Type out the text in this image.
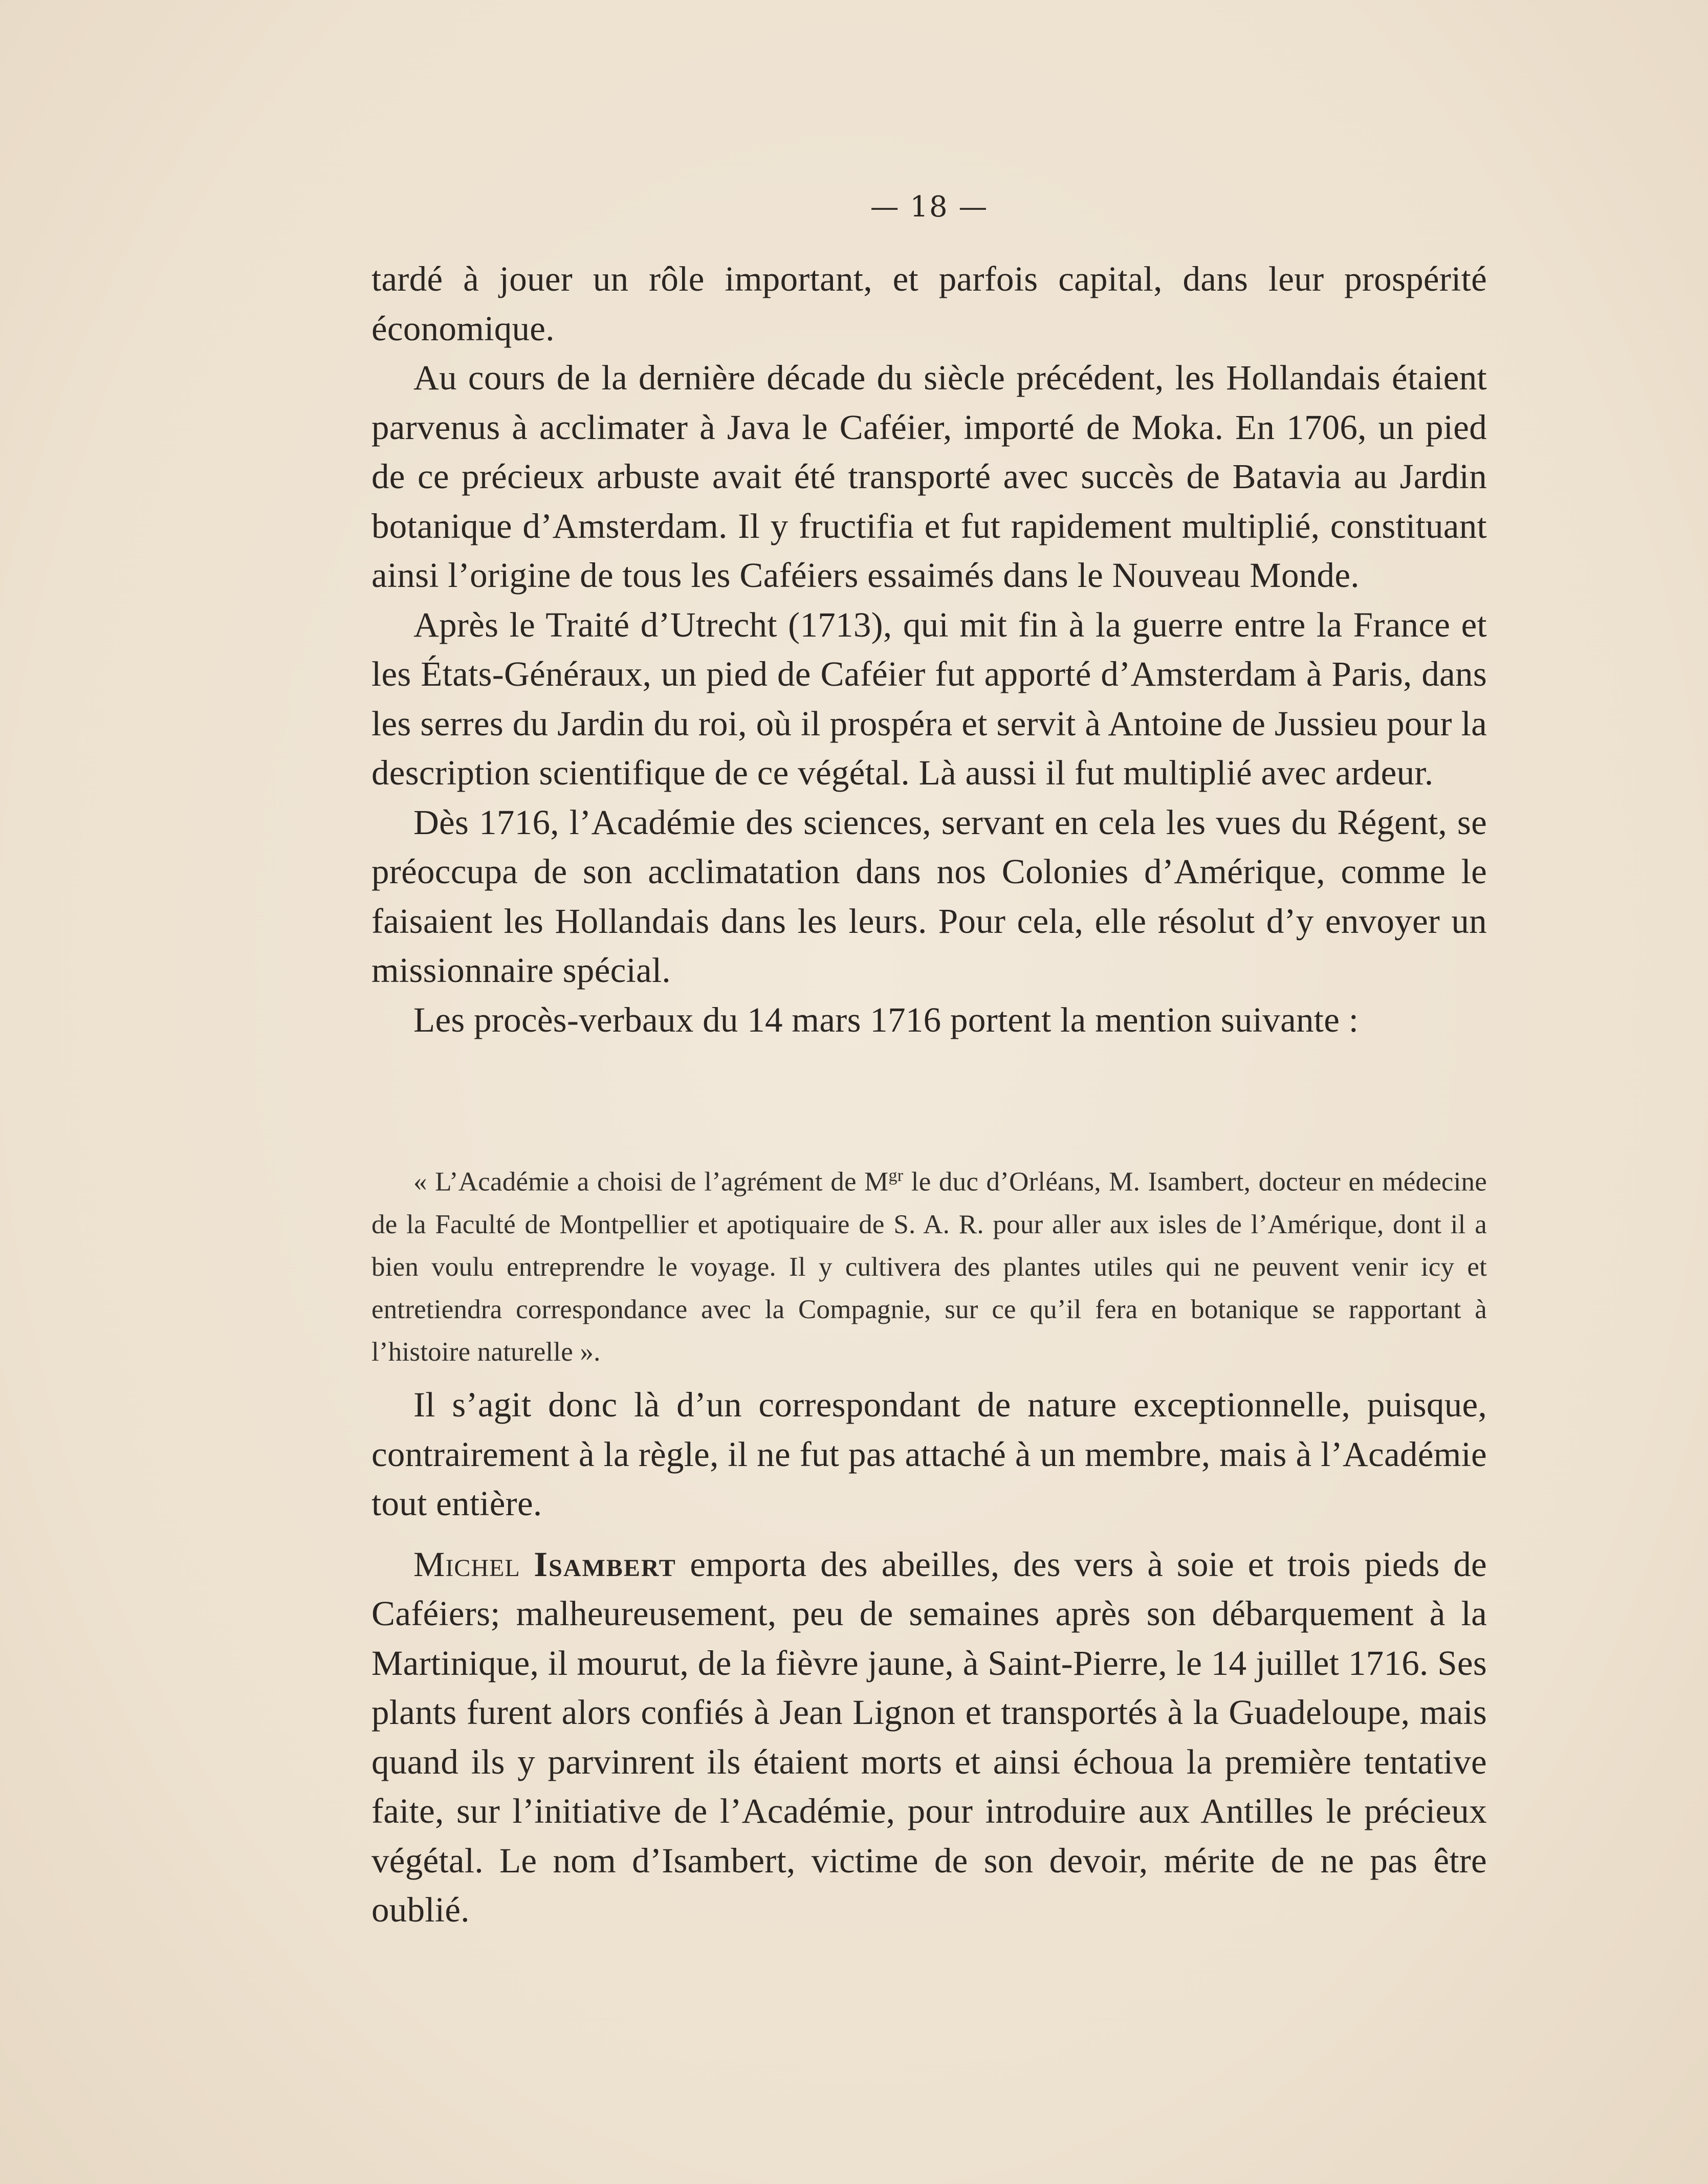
— 18 —

tardé à jouer un rôle important, et parfois capital, dans leur prospérité économique.

Au cours de la dernière décade du siècle précédent, les Hollandais étaient parvenus à acclimater à Java le Caféier, importé de Moka. En 1706, un pied de ce précieux arbuste avait été transporté avec succès de Batavia au Jardin botanique d’Amsterdam. Il y fructifia et fut rapidement multiplié, constituant ainsi l’origine de tous les Caféiers essaimés dans le Nouveau Monde.

Après le Traité d’Utrecht (1713), qui mit fin à la guerre entre la France et les États-Généraux, un pied de Caféier fut apporté d’Amsterdam à Paris, dans les serres du Jardin du roi, où il prospéra et servit à Antoine de Jussieu pour la description scientifique de ce végétal. Là aussi il fut multiplié avec ardeur.

Dès 1716, l’Académie des sciences, servant en cela les vues du Régent, se préoccupa de son acclimatation dans nos Colonies d’Amérique, comme le faisaient les Hollandais dans les leurs. Pour cela, elle résolut d’y envoyer un missionnaire spécial.

Les procès-verbaux du 14 mars 1716 portent la mention suivante :

« L’Académie a choisi de l’agrément de $M^{gr}$ le duc d’Orléans, M. Isambert, docteur en médecine de la Faculté de Montpellier et apotiquaire de S. A. R. pour aller aux isles de l’Amérique, dont il a bien voulu entreprendre le voyage. Il y cultivera des plantes utiles qui ne peuvent venir icy et entretiendra correspondance avec la Compagnie, sur ce qu’il fera en botanique se rapportant à l’histoire naturelle ».

Il s’agit donc là d’un correspondant de nature exceptionnelle, puisque, contrairement à la règle, il ne fut pas attaché à un membre, mais à l’Académie tout entière.

Michel Isambert emporta des abeilles, des vers à soie et trois pieds de Caféiers; malheureusement, peu de semaines après son débarquement à la Martinique, il mourut, de la fièvre jaune, à Saint-Pierre, le 14 juillet 1716. Ses plants furent alors confiés à Jean Lignon et transportés à la Guadeloupe, mais quand ils y parvinrent ils étaient morts et ainsi échoua la première tentative faite, sur l’initiative de l’Académie, pour introduire aux Antilles le précieux végétal. Le nom d’Isambert, victime de son devoir, mérite de ne pas être oublié.
